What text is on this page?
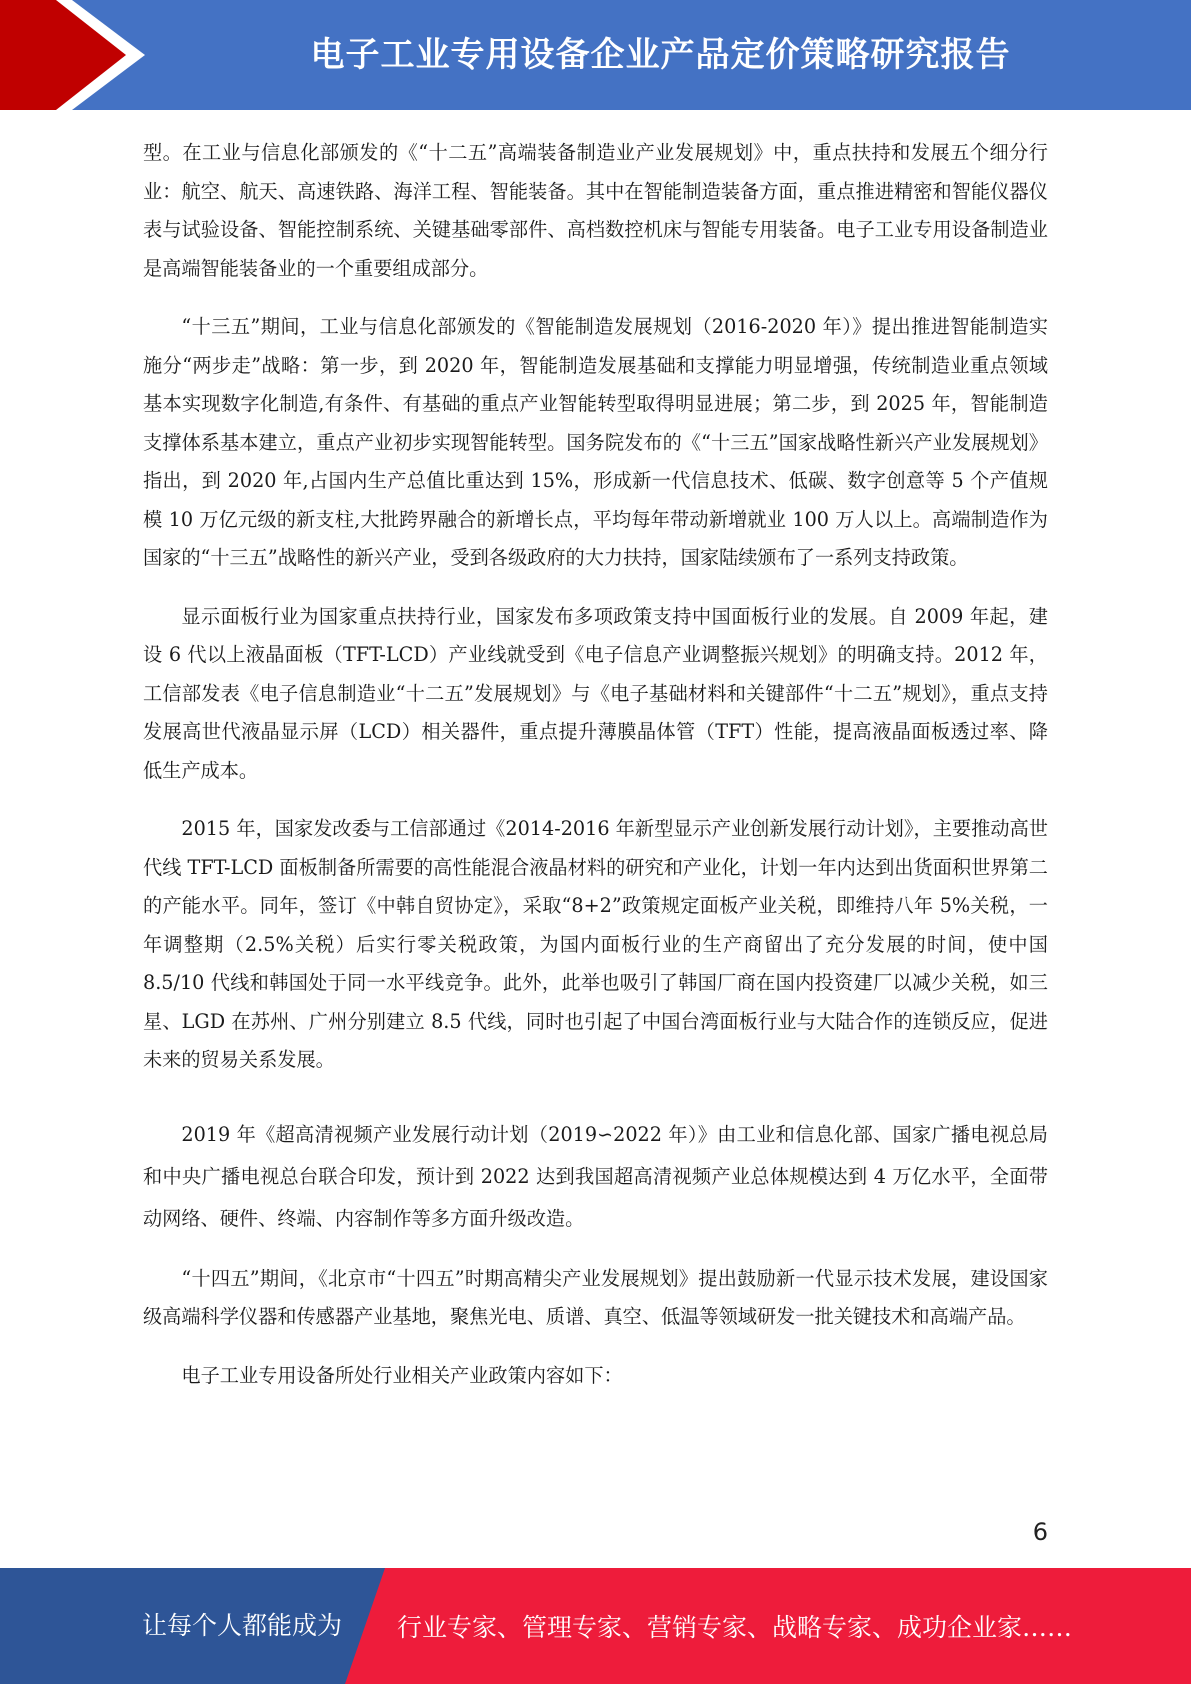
电子工业专用设备企业产品定价策略研究报告

型。在工业与信息化部颁发的《“十二五”高端装备制造业产业发展规划》中，重点扶持和发展五个细分行业：航空、航天、高速铁路、海洋工程、智能装备。其中在智能制造装备方面，重点推进精密和智能仪器仪表与试验设备、智能控制系统、关键基础零部件、高档数控机床与智能专用装备。电子工业专用设备制造业是高端智能装备业的一个重要组成部分。

“十三五”期间，工业与信息化部颁发的《智能制造发展规划（2016-2020 年）》提出推进智能制造实施分“两步走”战略：第一步，到 2020 年，智能制造发展基础和支撑能力明显增强，传统制造业重点领域基本实现数字化制造,有条件、有基础的重点产业智能转型取得明显进展；第二步，到 2025 年，智能制造支撑体系基本建立，重点产业初步实现智能转型。国务院发布的《“十三五”国家战略性新兴产业发展规划》指出，到 2020 年,占国内生产总值比重达到 15%，形成新一代信息技术、低碳、数字创意等 5 个产值规模 10 万亿元级的新支柱,大批跨界融合的新增长点，平均每年带动新增就业 100 万人以上。高端制造作为国家的“十三五”战略性的新兴产业，受到各级政府的大力扶持，国家陆续颁布了一系列支持政策。

显示面板行业为国家重点扶持行业，国家发布多项政策支持中国面板行业的发展。自 2009 年起，建设 6 代以上液晶面板（TFT-LCD）产业线就受到《电子信息产业调整振兴规划》的明确支持。2012 年，工信部发表《电子信息制造业“十二五”发展规划》与《电子基础材料和关键部件“十二五”规划》，重点支持发展高世代液晶显示屏（LCD）相关器件，重点提升薄膜晶体管（TFT）性能，提高液晶面板透过率、降低生产成本。

2015 年，国家发改委与工信部通过《2014-2016 年新型显示产业创新发展行动计划》，主要推动高世代线 TFT-LCD 面板制备所需要的高性能混合液晶材料的研究和产业化，计划一年内达到出货面积世界第二的产能水平。同年，签订《中韩自贸协定》，采取“8+2”政策规定面板产业关税，即维持八年 5%关税，一年调整期（2.5%关税）后实行零关税政策，为国内面板行业的生产商留出了充分发展的时间，使中国 8.5/10 代线和韩国处于同一水平线竞争。此外，此举也吸引了韩国厂商在国内投资建厂以减少关税，如三星、LGD 在苏州、广州分别建立 8.5 代线，同时也引起了中国台湾面板行业与大陆合作的连锁反应，促进未来的贸易关系发展。

2019 年《超高清视频产业发展行动计划（2019∽2022 年）》由工业和信息化部、国家广播电视总局和中央广播电视总台联合印发，预计到 2022 达到我国超高清视频产业总体规模达到 4 万亿水平，全面带动网络、硬件、终端、内容制作等多方面升级改造。

“十四五”期间，《北京市“十四五”时期高精尖产业发展规划》提出鼓励新一代显示技术发展，建设国家级高端科学仪器和传感器产业基地，聚焦光电、质谱、真空、低温等领域研发一批关键技术和高端产品。

电子工业专用设备所处行业相关产业政策内容如下：

6
让每个人都能成为 行业专家、管理专家、营销专家、战略专家、成功企业家……
